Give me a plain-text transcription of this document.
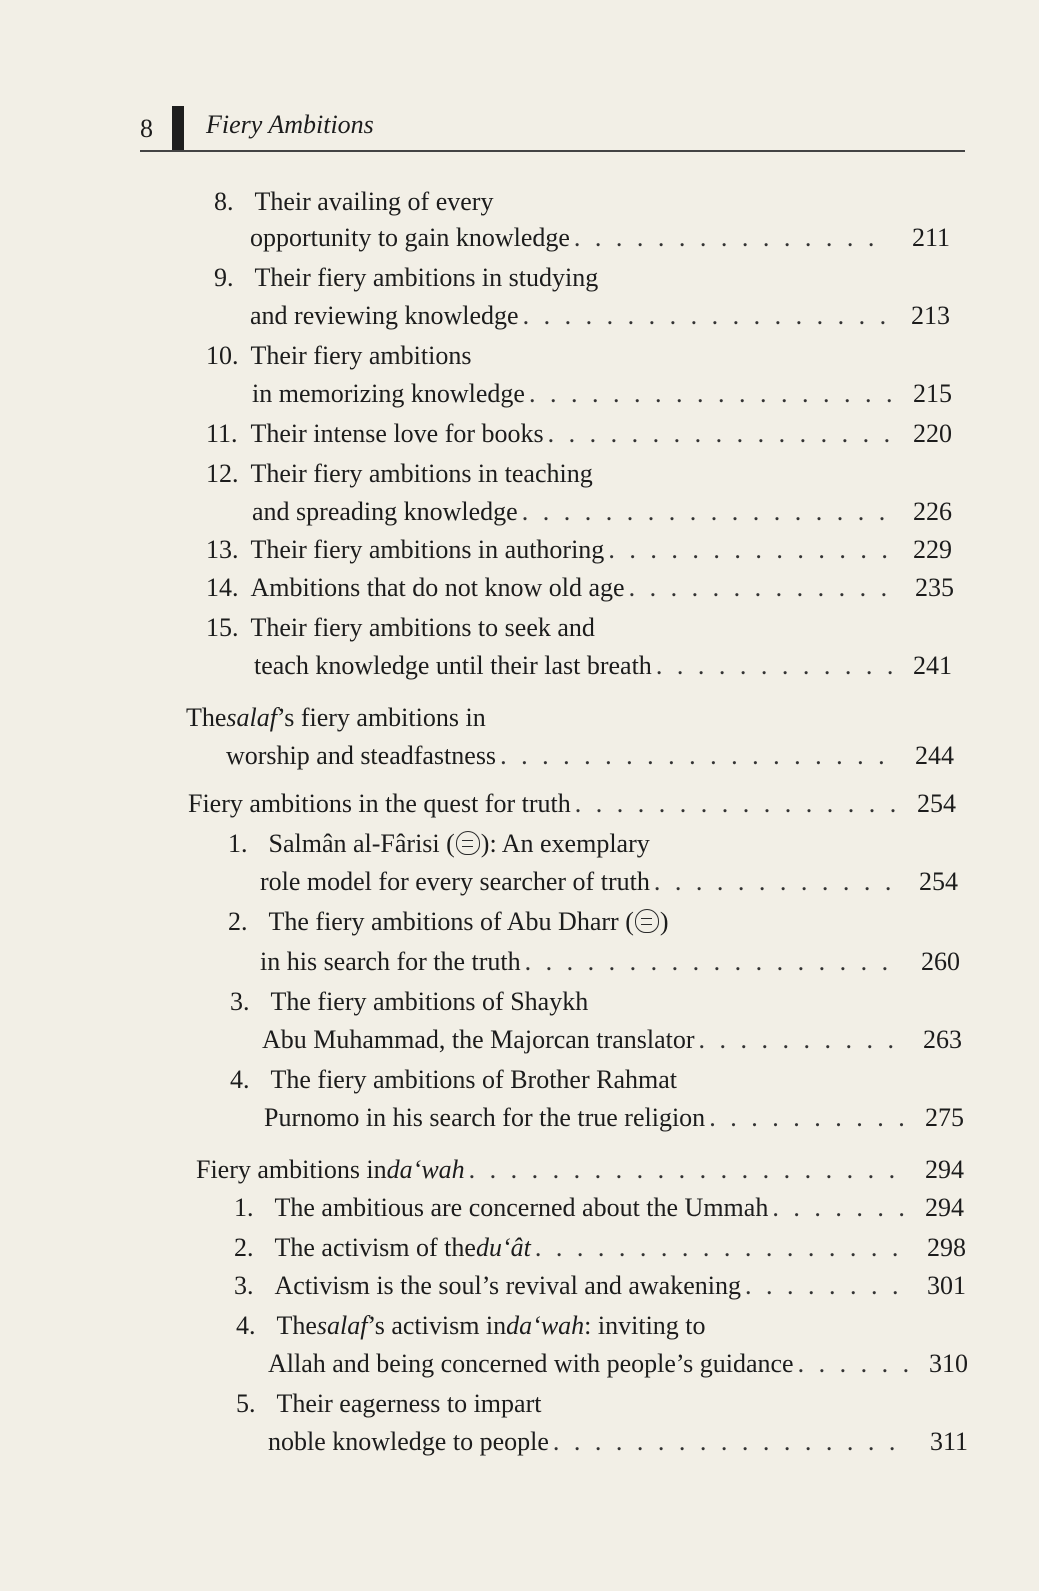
8 Fiery Ambitions
8.
Their availing of every
opportunity to gain knowledge . . .	211
9.
Their fiery ambitions in studying
and reviewing knowledge . . .	213
10.
Their fiery ambitions
in memorizing knowledge . . .	215
11.
Their intense love for books . . .	220
12.
Their fiery ambitions in teaching
and spreading knowledge . . .	226
13.
Their fiery ambitions in authoring . . .	229
14.
Ambitions that do not know old age . . .	235
15.
Their fiery ambitions to seek and
teach knowledge until their last breath . . .	241
The salaf ’s fiery ambitions in
worship and steadfastness . . .	244
Fiery ambitions in the quest for truth . . .	254
1.
Salmân al-Fârisi ( ): An exemplary
role model for every searcher of truth . . .	254
2.
The fiery ambitions of Abu Dharr ( )
in his search for the truth . . .	260
3.
The fiery ambitions of Shaykh
Abu Muhammad, the Majorcan translator . . .	263
4.
The fiery ambitions of Brother Rahmat
Purnomo in his search for the true religion . . .	275
Fiery ambitions in da‘wah . . .	294
1.
The ambitious are concerned about the Ummah . . .	294
2.
The activism of the du‘ât . . .	298
3.
Activism is the soul’s revival and awakening . . .	301
4.
The salaf ’s activism in da‘wah : inviting to
Allah and being concerned with people’s guidance . . .	310
5.
Their eagerness to impart
noble knowledge to people . . .	311
